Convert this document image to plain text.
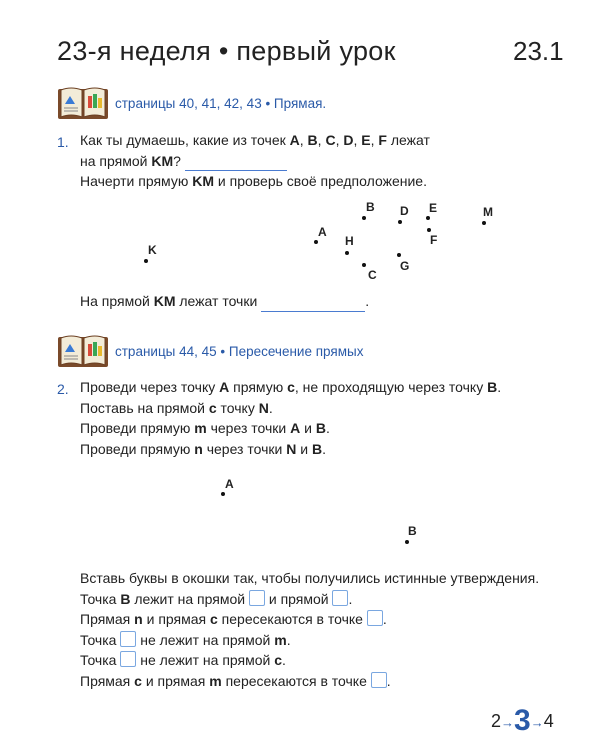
23-я неделя • первый урок	23.1
страницы 40, 41, 42, 43 • Прямая.
1. Как ты думаешь, какие из точек A, B, C, D, E, F лежат
на прямой KM?
Начерти прямую KM и проверь своё предположение.
K
A
B D E	M
H	F
C
G
На прямой KM лежат точки	.
страницы 44, 45 • Пересечение прямых
2. Проведи через точку A прямую c, не проходящую через точку B.
Поставь на прямой c точку N.
Проведи прямую m через точки A и B.
Проведи прямую n через точки N и B.
A
B
Вставь буквы в окошки так, чтобы получились истинные утверждения.
Точка B лежит на прямой  и прямой .
Прямая n и прямая c пересекаются в точке .
Точка  не лежит на прямой m.
Точка  не лежит на прямой c.
Прямая c и прямая m пересекаются в точке .
2→3→4
